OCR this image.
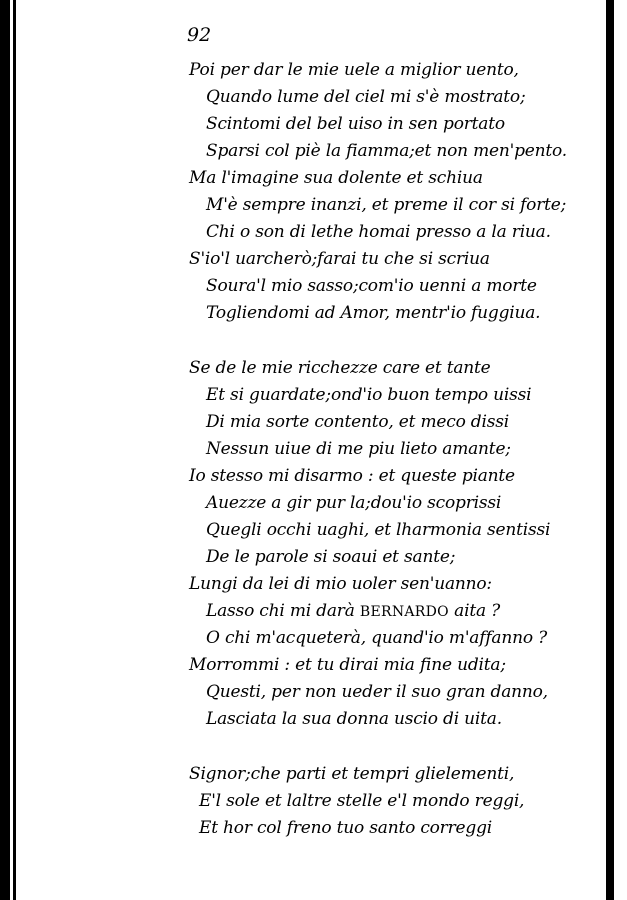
92
Poi per dar le mie uele a miglior uento,
Quando lume del ciel mi s'è mostrato;
Scintomi del bel uiso in sen portato
Sparsi col piè la fiamma;et non men'pento.
Ma l'imagine sua dolente et schiua
M'è sempre inanzi, et preme il cor si forte;
Chi o son di lethe homai presso a la riua.
S'io'l uarcherò;farai tu che si scriua
Soura'l mio sasso;com'io uenni a morte
Togliendomi ad Amor, mentr'io fuggiua.
Se de le mie ricchezze care et tante
Et si guardate;ond'io buon tempo uissi
Di mia sorte contento, et meco dissi
Nessun uiue di me piu lieto amante;
Io stesso mi disarmo : et queste piante
Auezze a gir pur la;dou'io scoprissi
Quegli occhi uaghi, et lharmonia sentissi
De le parole si soaui et sante;
Lungi da lei di mio uoler sen'uanno:
Lasso chi mi darà BERNARDO aita ?
O chi m'acqueterà, quand'io m'affanno ?
Morrommi : et tu dirai mia fine udita;
Questi, per non ueder il suo gran danno,
Lasciata la sua donna uscio di uita.
Signor;che parti et tempri glielementi,
E'l sole et laltre stelle e'l mondo reggi,
Et hor col freno tuo santo correggi
